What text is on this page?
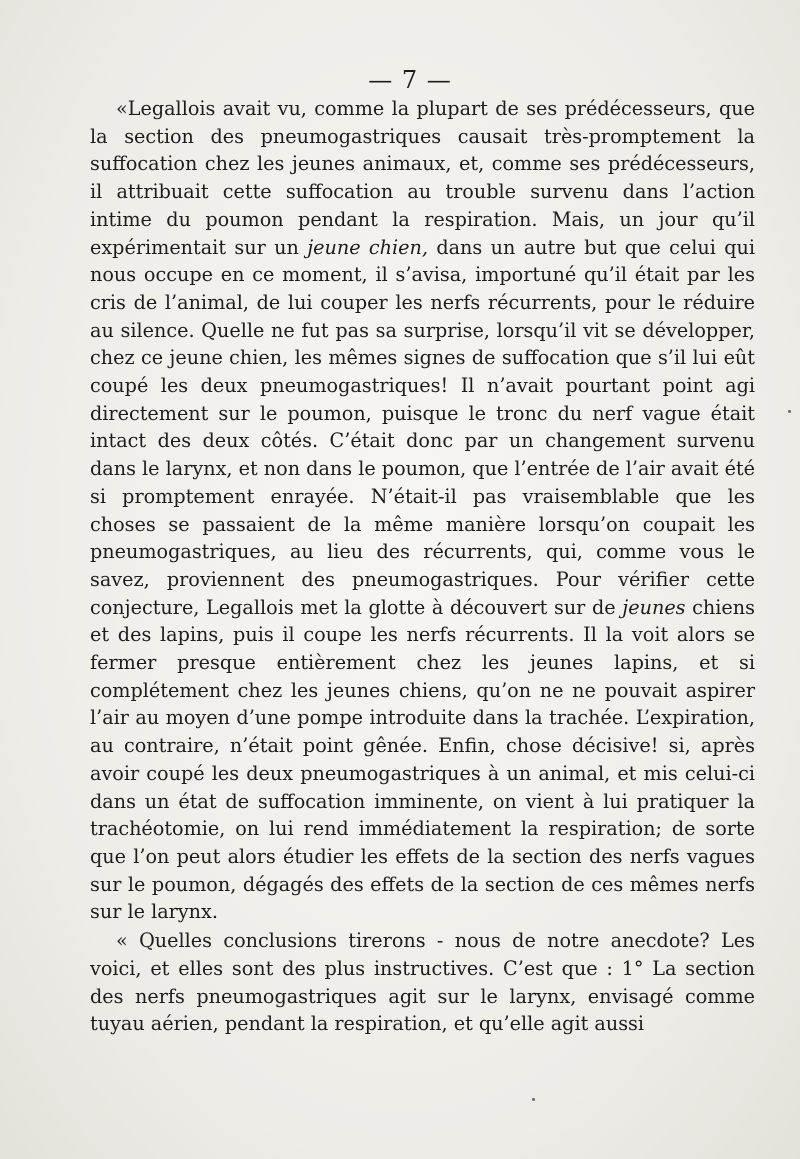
— 7 —

«Legallois avait vu, comme la plupart de ses prédécesseurs, que la section des pneumogastriques causait très-promptement la suffocation chez les jeunes animaux, et, comme ses prédécesseurs, il attribuait cette suffocation au trouble survenu dans l’action intime du poumon pendant la respiration. Mais, un jour qu’il expérimentait sur un jeune chien, dans un autre but que celui qui nous occupe en ce moment, il s’avisa, importuné qu’il était par les cris de l’animal, de lui couper les nerfs récurrents, pour le réduire au silence. Quelle ne fut pas sa surprise, lorsqu’il vit se développer, chez ce jeune chien, les mêmes signes de suffocation que s’il lui eût coupé les deux pneumogastriques! Il n’avait pourtant point agi directement sur le poumon, puisque le tronc du nerf vague était intact des deux côtés. C’était donc par un changement survenu dans le larynx, et non dans le poumon, que l’entrée de l’air avait été si promptement enrayée. N’était-il pas vraisemblable que les choses se passaient de la même manière lorsqu’on coupait les pneumogastriques, au lieu des récurrents, qui, comme vous le savez, proviennent des pneumogastriques. Pour vérifier cette conjecture, Legallois met la glotte à découvert sur de jeunes chiens et des lapins, puis il coupe les nerfs récurrents. Il la voit alors se fermer presque entièrement chez les jeunes lapins, et si complétement chez les jeunes chiens, qu’on ne ne pouvait aspirer l’air au moyen d’une pompe introduite dans la trachée. L’expiration, au contraire, n’était point gênée. Enfin, chose décisive! si, après avoir coupé les deux pneumogastriques à un animal, et mis celui-ci dans un état de suffocation imminente, on vient à lui pratiquer la trachéotomie, on lui rend immédiatement la respiration; de sorte que l’on peut alors étudier les effets de la section des nerfs vagues sur le poumon, dégagés des effets de la section de ces mêmes nerfs sur le larynx.

« Quelles conclusions tirerons - nous de notre anecdote? Les voici, et elles sont des plus instructives. C’est que : 1° La section des nerfs pneumogastriques agit sur le larynx, envisagé comme tuyau aérien, pendant la respiration, et qu’elle agit aussi
